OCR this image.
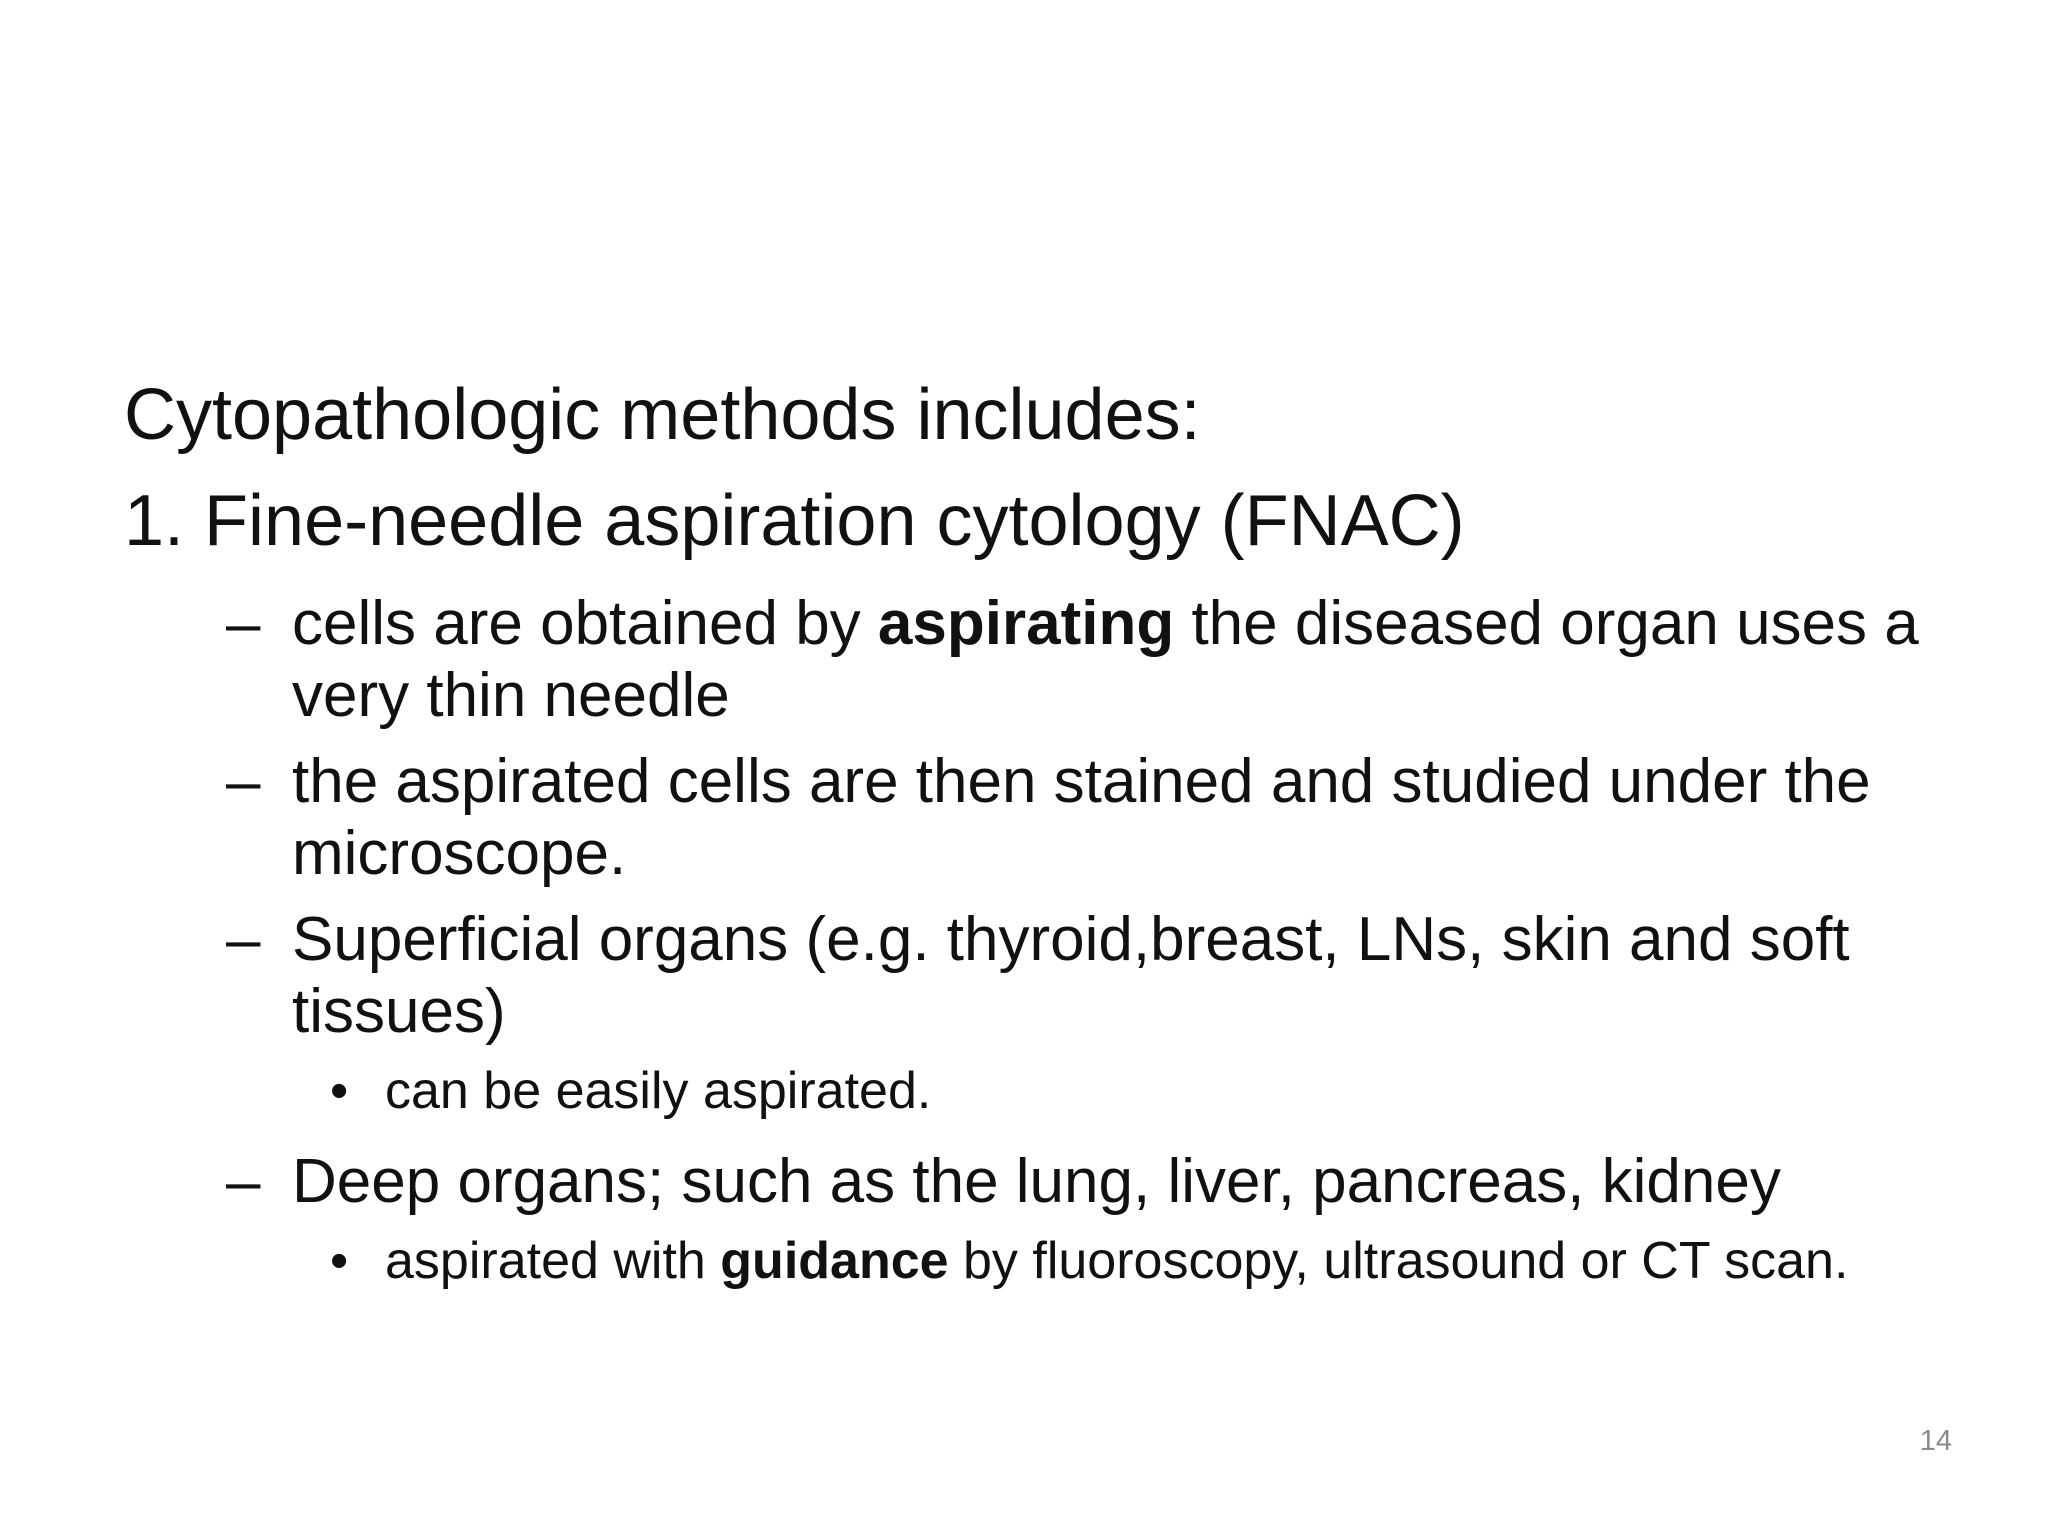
Cytopathologic methods includes:
1. Fine-needle aspiration cytology (FNAC)
– cells are obtained by aspirating the diseased organ uses a very thin needle
– the aspirated cells are then stained and studied under the microscope.
– Superficial organs (e.g. thyroid,breast, LNs, skin and soft tissues)
• can be easily aspirated.
– Deep organs; such as the lung, liver, pancreas, kidney
• aspirated with guidance by fluoroscopy, ultrasound or CT scan.
14
